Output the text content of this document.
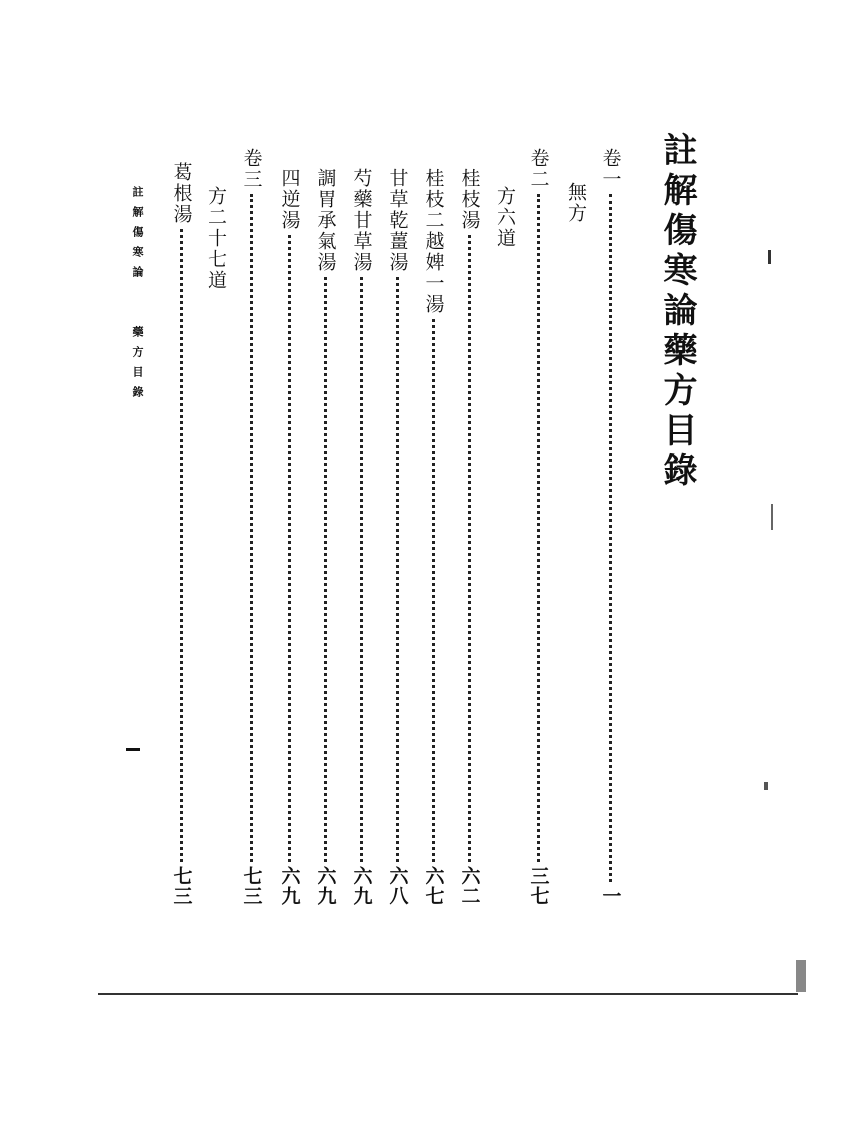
註解傷寒論藥方目錄
卷一
一
無方
卷二
三七
方六道
桂枝湯
六二
桂枝二越婢一湯
六七
甘草乾薑湯
六八
芍藥甘草湯
六九
調胃承氣湯
六九
四逆湯
六九
卷三
七三
方二十七道
葛根湯
七三
註解傷寒論
藥方目錄
